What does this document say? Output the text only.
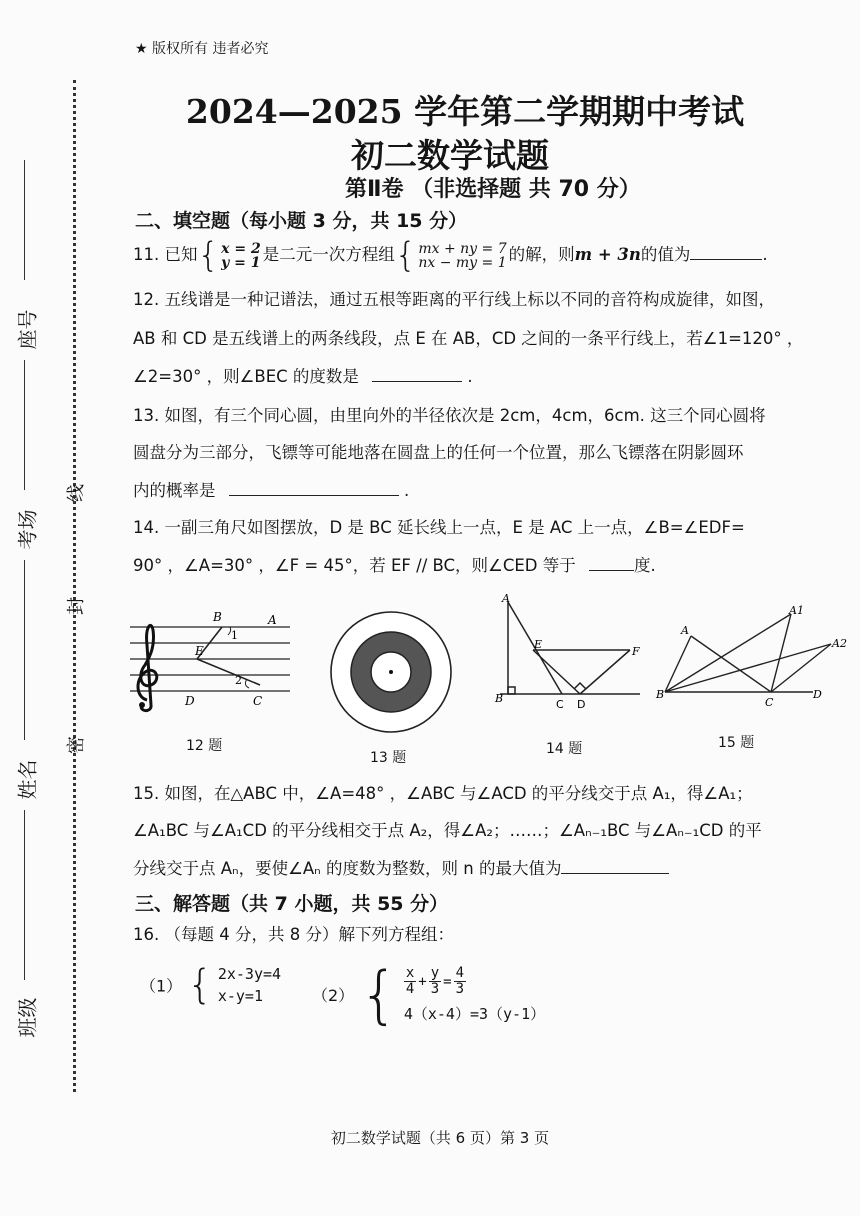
座号
考场
姓名
班级
线
封
密
★ 版权所有 违者必究
2024—2025 学年第二学期期中考试
初二数学试题
第Ⅱ卷 （非选择题 共 70 分）
二、填空题（每小题 3 分，共 15 分）
11. 已知{ x = 2
y = 1 是二元一次方程组{ mx + ny = 7
nx − my = 1 的解，则m + 3n的值为	.
12. 五线谱是一种记谱法，通过五根等距离的平行线上标以不同的音符构成旋律，如图，
AB 和 CD 是五线谱上的两条线段，点 E 在 AB，CD 之间的一条平行线上，若∠1=120° ，
∠2=30° ，则∠BEC 的度数是	.
13. 如图，有三个同心圆，由里向外的半径依次是 2cm，4cm，6cm. 这三个同心圆将
圆盘分为三部分，飞镖等可能地落在圆盘上的任何一个位置，那么飞镖落在阴影圆环
内的概率是	.
14. 一副三角尺如图摆放，D 是 BC 延长线上一点，E 是 AC 上一点，∠B=∠EDF=
90° ，∠A=30° ，∠F = 45°，若 EF // BC，则∠CED 等于	度.
B	A
1
E
2
D	C
12 题
13 题
A
E
F
B	C D
14 题
A
A1
A2
B
C
D
15 题
15. 如图，在△ABC 中，∠A=48° ，∠ABC 与∠ACD 的平分线交于点 A₁，得∠A₁；
∠A₁BC 与∠A₁CD 的平分线相交于点 A₂，得∠A₂；……；∠Aₙ₋₁BC 与∠Aₙ₋₁CD 的平
分线交于点 Aₙ，要使∠Aₙ 的度数为整数，则 n 的最大值为
三、解答题（共 7 小题，共 55 分）
16. （每题 4 分，共 8 分）解下列方程组：
（1） { 2x-3y=4
x-y=1	（2） { $\frac{x}{4} + \frac{y}{3} = \frac{4}{3}$

4（x-4）=3（y-1）
初二数学试题（共 6 页）第 3 页
